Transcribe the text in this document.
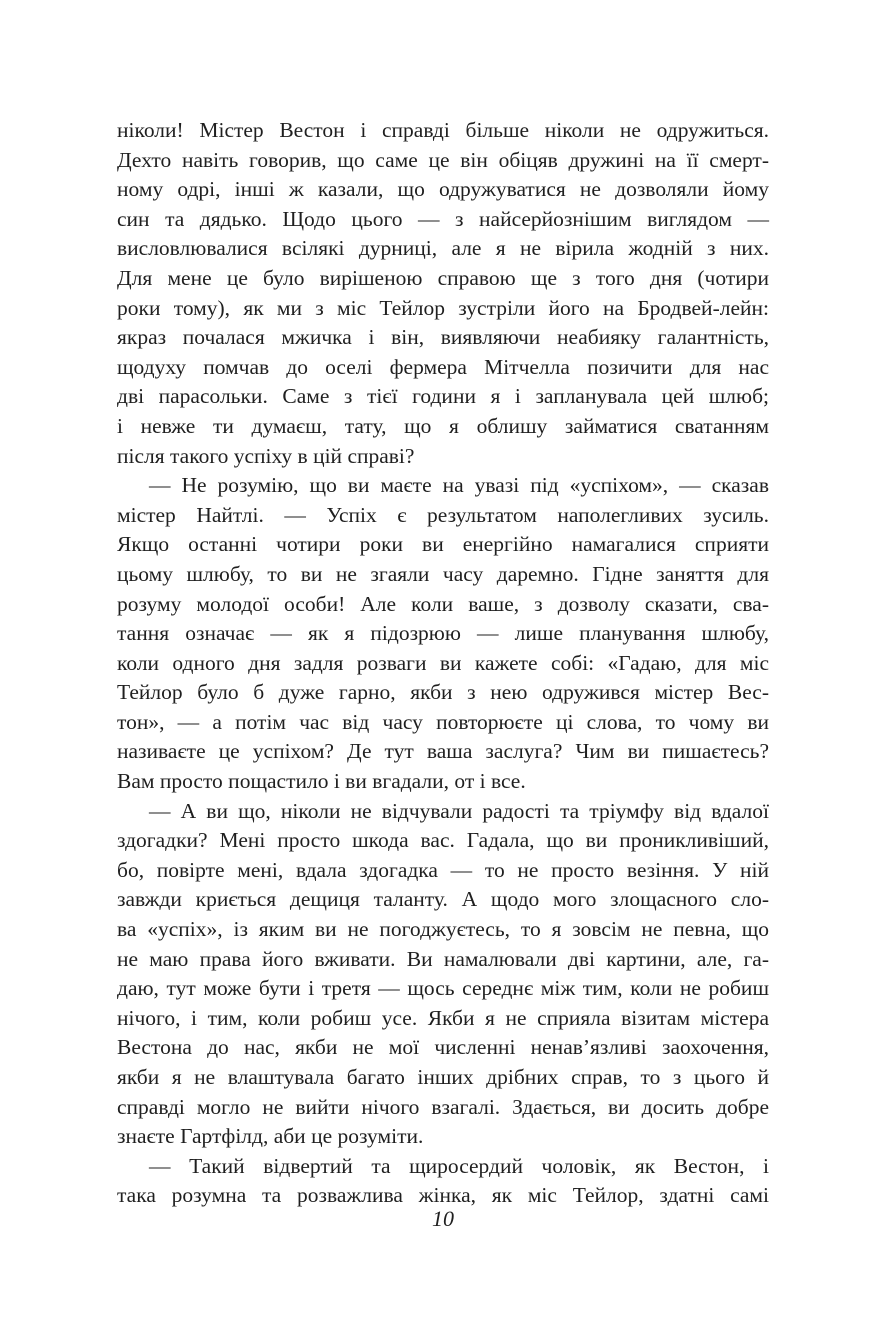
ніколи! Містер Вестон і справді більше ніколи не одружиться.
Дехто навіть говорив, що саме це він обіцяв дружині на її смерт-
ному одрі, інші ж казали, що одружуватися не дозволяли йому
син та дядько. Щодо цього — з найсерйознішим виглядом —
висловлювалися всілякі дурниці, але я не вірила жодній з них.
Для мене це було вирішеною справою ще з того дня (чотири
роки тому), як ми з міс Тейлор зустріли його на Бродвей-лейн:
якраз почалася мжичка і він, виявляючи неабияку галантність,
щодуху помчав до оселі фермера Мітчелла позичити для нас
дві парасольки. Саме з тієї години я і запланувала цей шлюб;
і невже ти думаєш, тату, що я облишу займатися сватанням
після такого успіху в цій справі?
— Не розумію, що ви маєте на увазі під «успіхом», — сказав
містер Найтлі. — Успіх є результатом наполегливих зусиль.
Якщо останні чотири роки ви енергійно намагалися сприяти
цьому шлюбу, то ви не згаяли часу даремно. Гідне заняття для
розуму молодої особи! Але коли ваше, з дозволу сказати, сва-
тання означає — як я підозрюю — лише планування шлюбу,
коли одного дня задля розваги ви кажете собі: «Гадаю, для міс
Тейлор було б дуже гарно, якби з нею одружився містер Вес-
тон», — а потім час від часу повторюєте ці слова, то чому ви
називаєте це успіхом? Де тут ваша заслуга? Чим ви пишаєтесь?
Вам просто пощастило і ви вгадали, от і все.
— А ви що, ніколи не відчували радості та тріумфу від вдалої
здогадки? Мені просто шкода вас. Гадала, що ви проникливіший,
бо, повірте мені, вдала здогадка — то не просто везіння. У ній
завжди криється дещиця таланту. А щодо мого злощасного сло-
ва «успіх», із яким ви не погоджуєтесь, то я зовсім не певна, що
не маю права його вживати. Ви намалювали дві картини, але, га-
даю, тут може бути і третя — щось середнє між тим, коли не робиш
нічого, і тим, коли робиш усе. Якби я не сприяла візитам містера
Вестона до нас, якби не мої численні ненав’язливі заохочення,
якби я не влаштувала багато інших дрібних справ, то з цього й
справді могло не вийти нічого взагалі. Здається, ви досить добре
знаєте Гартфілд, аби це розуміти.
— Такий відвертий та щиросердий чоловік, як Вестон, і
така розумна та розважлива жінка, як міс Тейлор, здатні самі
10
